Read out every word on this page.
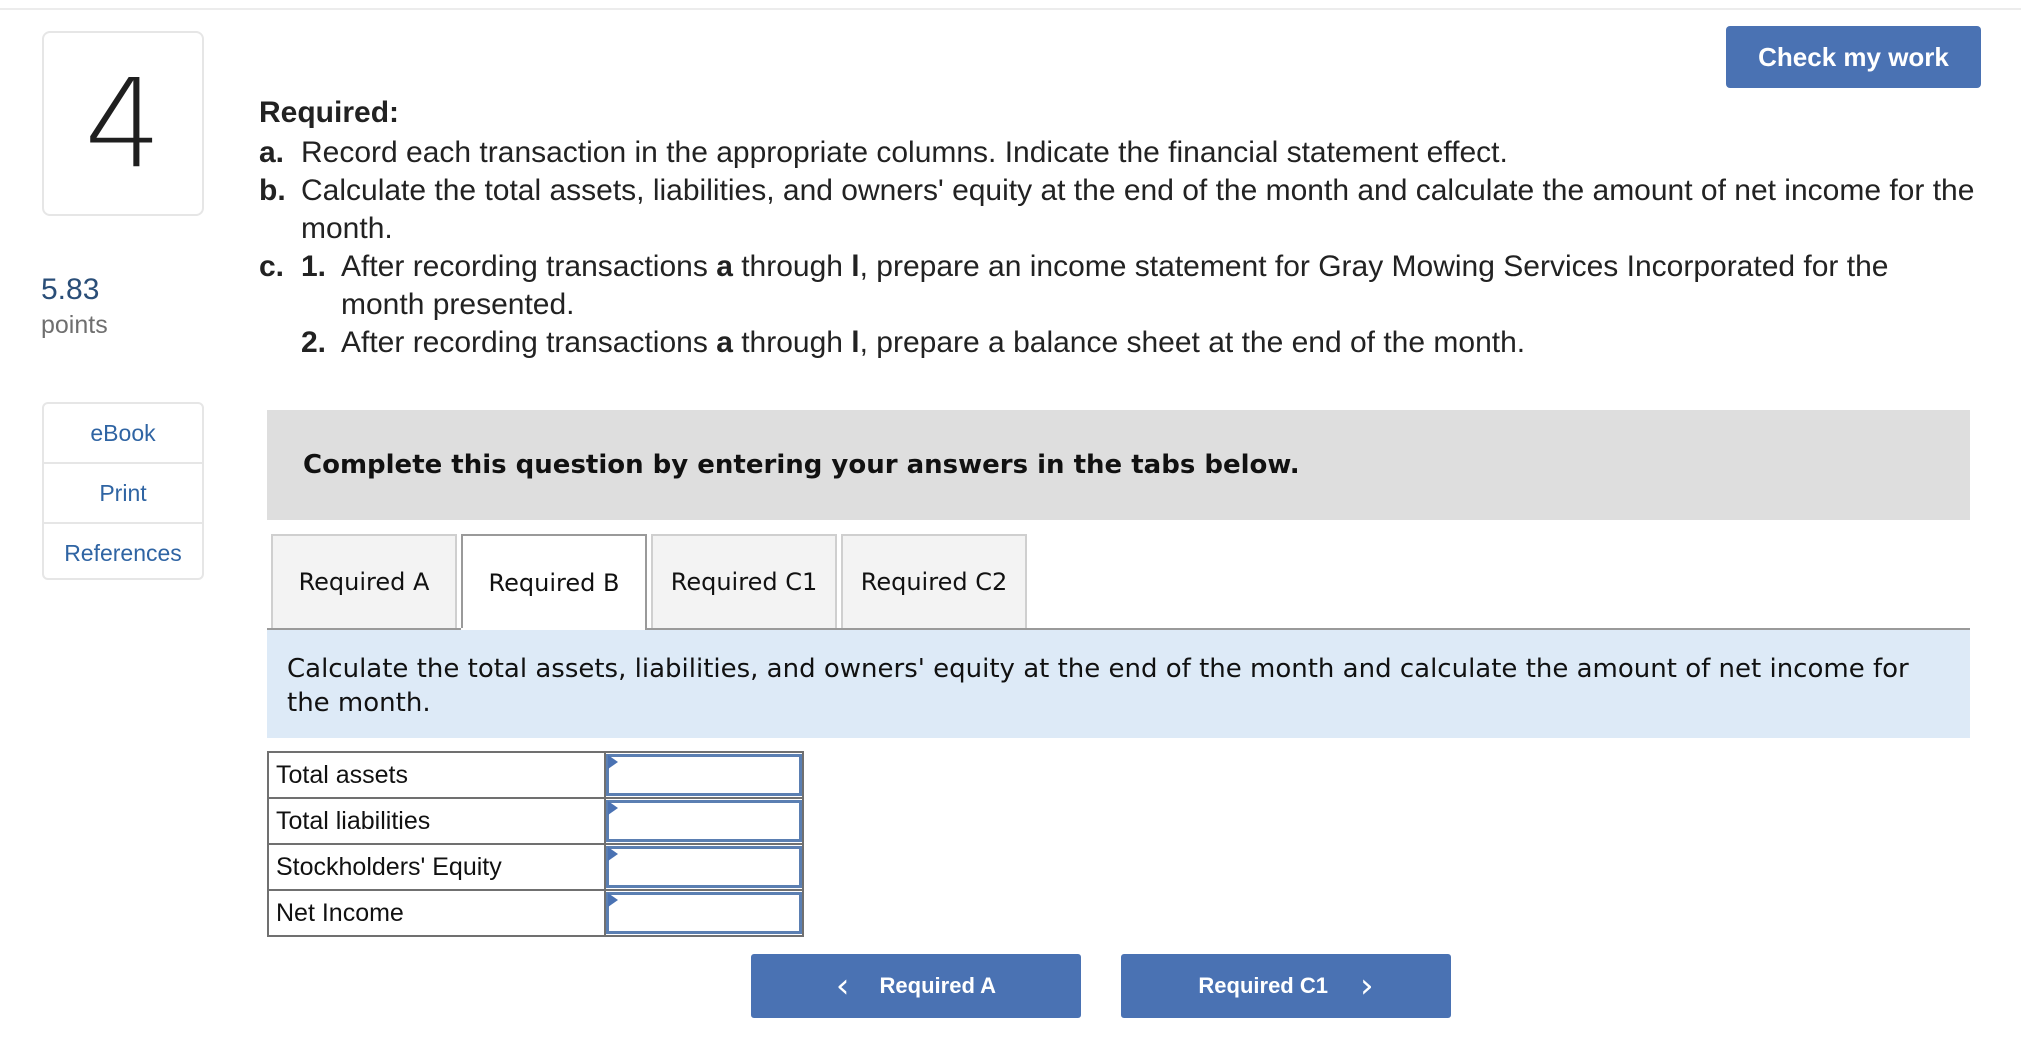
4
5.83
points
eBook
Print
References
Check my work
Required:
a. Record each transaction in the appropriate columns. Indicate the financial statement effect.
b. Calculate the total assets, liabilities, and owners' equity at the end of the month and calculate the amount of net income for the month.
c. 1. After recording transactions a through l, prepare an income statement for Gray Mowing Services Incorporated for the month presented.
2. After recording transactions a through l, prepare a balance sheet at the end of the month.
Complete this question by entering your answers in the tabs below.
Required A	Required B	Required C1	Required C2
Calculate the total assets, liabilities, and owners' equity at the end of the month and calculate the amount of net income for the month.
Total assets	

Total liabilities	

Stockholders' Equity	

Net Income	
‹ Required A	Required C1 ›
